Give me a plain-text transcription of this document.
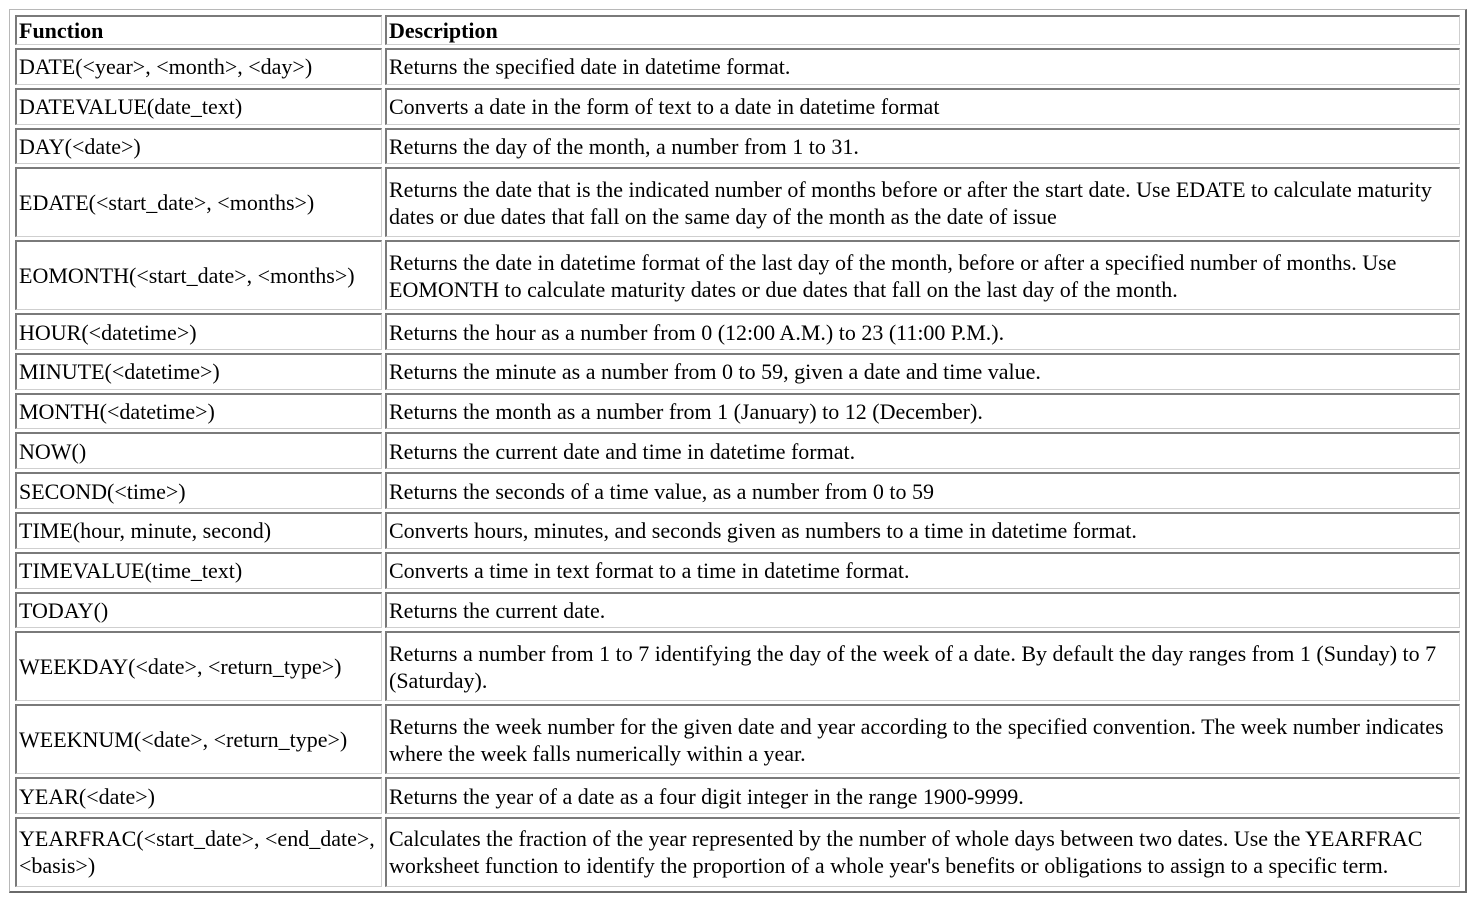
Function	Description
DATE(<year>, <month>, <day>)	Returns the specified date in datetime format.
DATEVALUE(date_text)	Converts a date in the form of text to a date in datetime format
DAY(<date>)	Returns the day of the month, a number from 1 to 31.
EDATE(<start_date>, <months>)	Returns the date that is the indicated number of months before or after the start date. Use EDATE to calculate maturity dates or due dates that fall on the same day of the month as the date of issue
EOMONTH(<start_date>, <months>)	Returns the date in datetime format of the last day of the month, before or after a specified number of months. Use EOMONTH to calculate maturity dates or due dates that fall on the last day of the month.
HOUR(<datetime>)	Returns the hour as a number from 0 (12:00 A.M.) to 23 (11:00 P.M.).
MINUTE(<datetime>)	Returns the minute as a number from 0 to 59, given a date and time value.
MONTH(<datetime>)	Returns the month as a number from 1 (January) to 12 (December).
NOW()	Returns the current date and time in datetime format.
SECOND(<time>)	Returns the seconds of a time value, as a number from 0 to 59
TIME(hour, minute, second)	Converts hours, minutes, and seconds given as numbers to a time in datetime format.
TIMEVALUE(time_text)	Converts a time in text format to a time in datetime format.
TODAY()	Returns the current date.
WEEKDAY(<date>, <return_type>)	Returns a number from 1 to 7 identifying the day of the week of a date. By default the day ranges from 1 (Sunday) to 7 (Saturday).
WEEKNUM(<date>, <return_type>)	Returns the week number for the given date and year according to the specified convention. The week number indicates where the week falls numerically within a year.
YEAR(<date>)	Returns the year of a date as a four digit integer in the range 1900-9999.
YEARFRAC(<start_date>, <end_date>, <basis>)	Calculates the fraction of the year represented by the number of whole days between two dates. Use the YEARFRAC worksheet function to identify the proportion of a whole year's benefits or obligations to assign to a specific term.
